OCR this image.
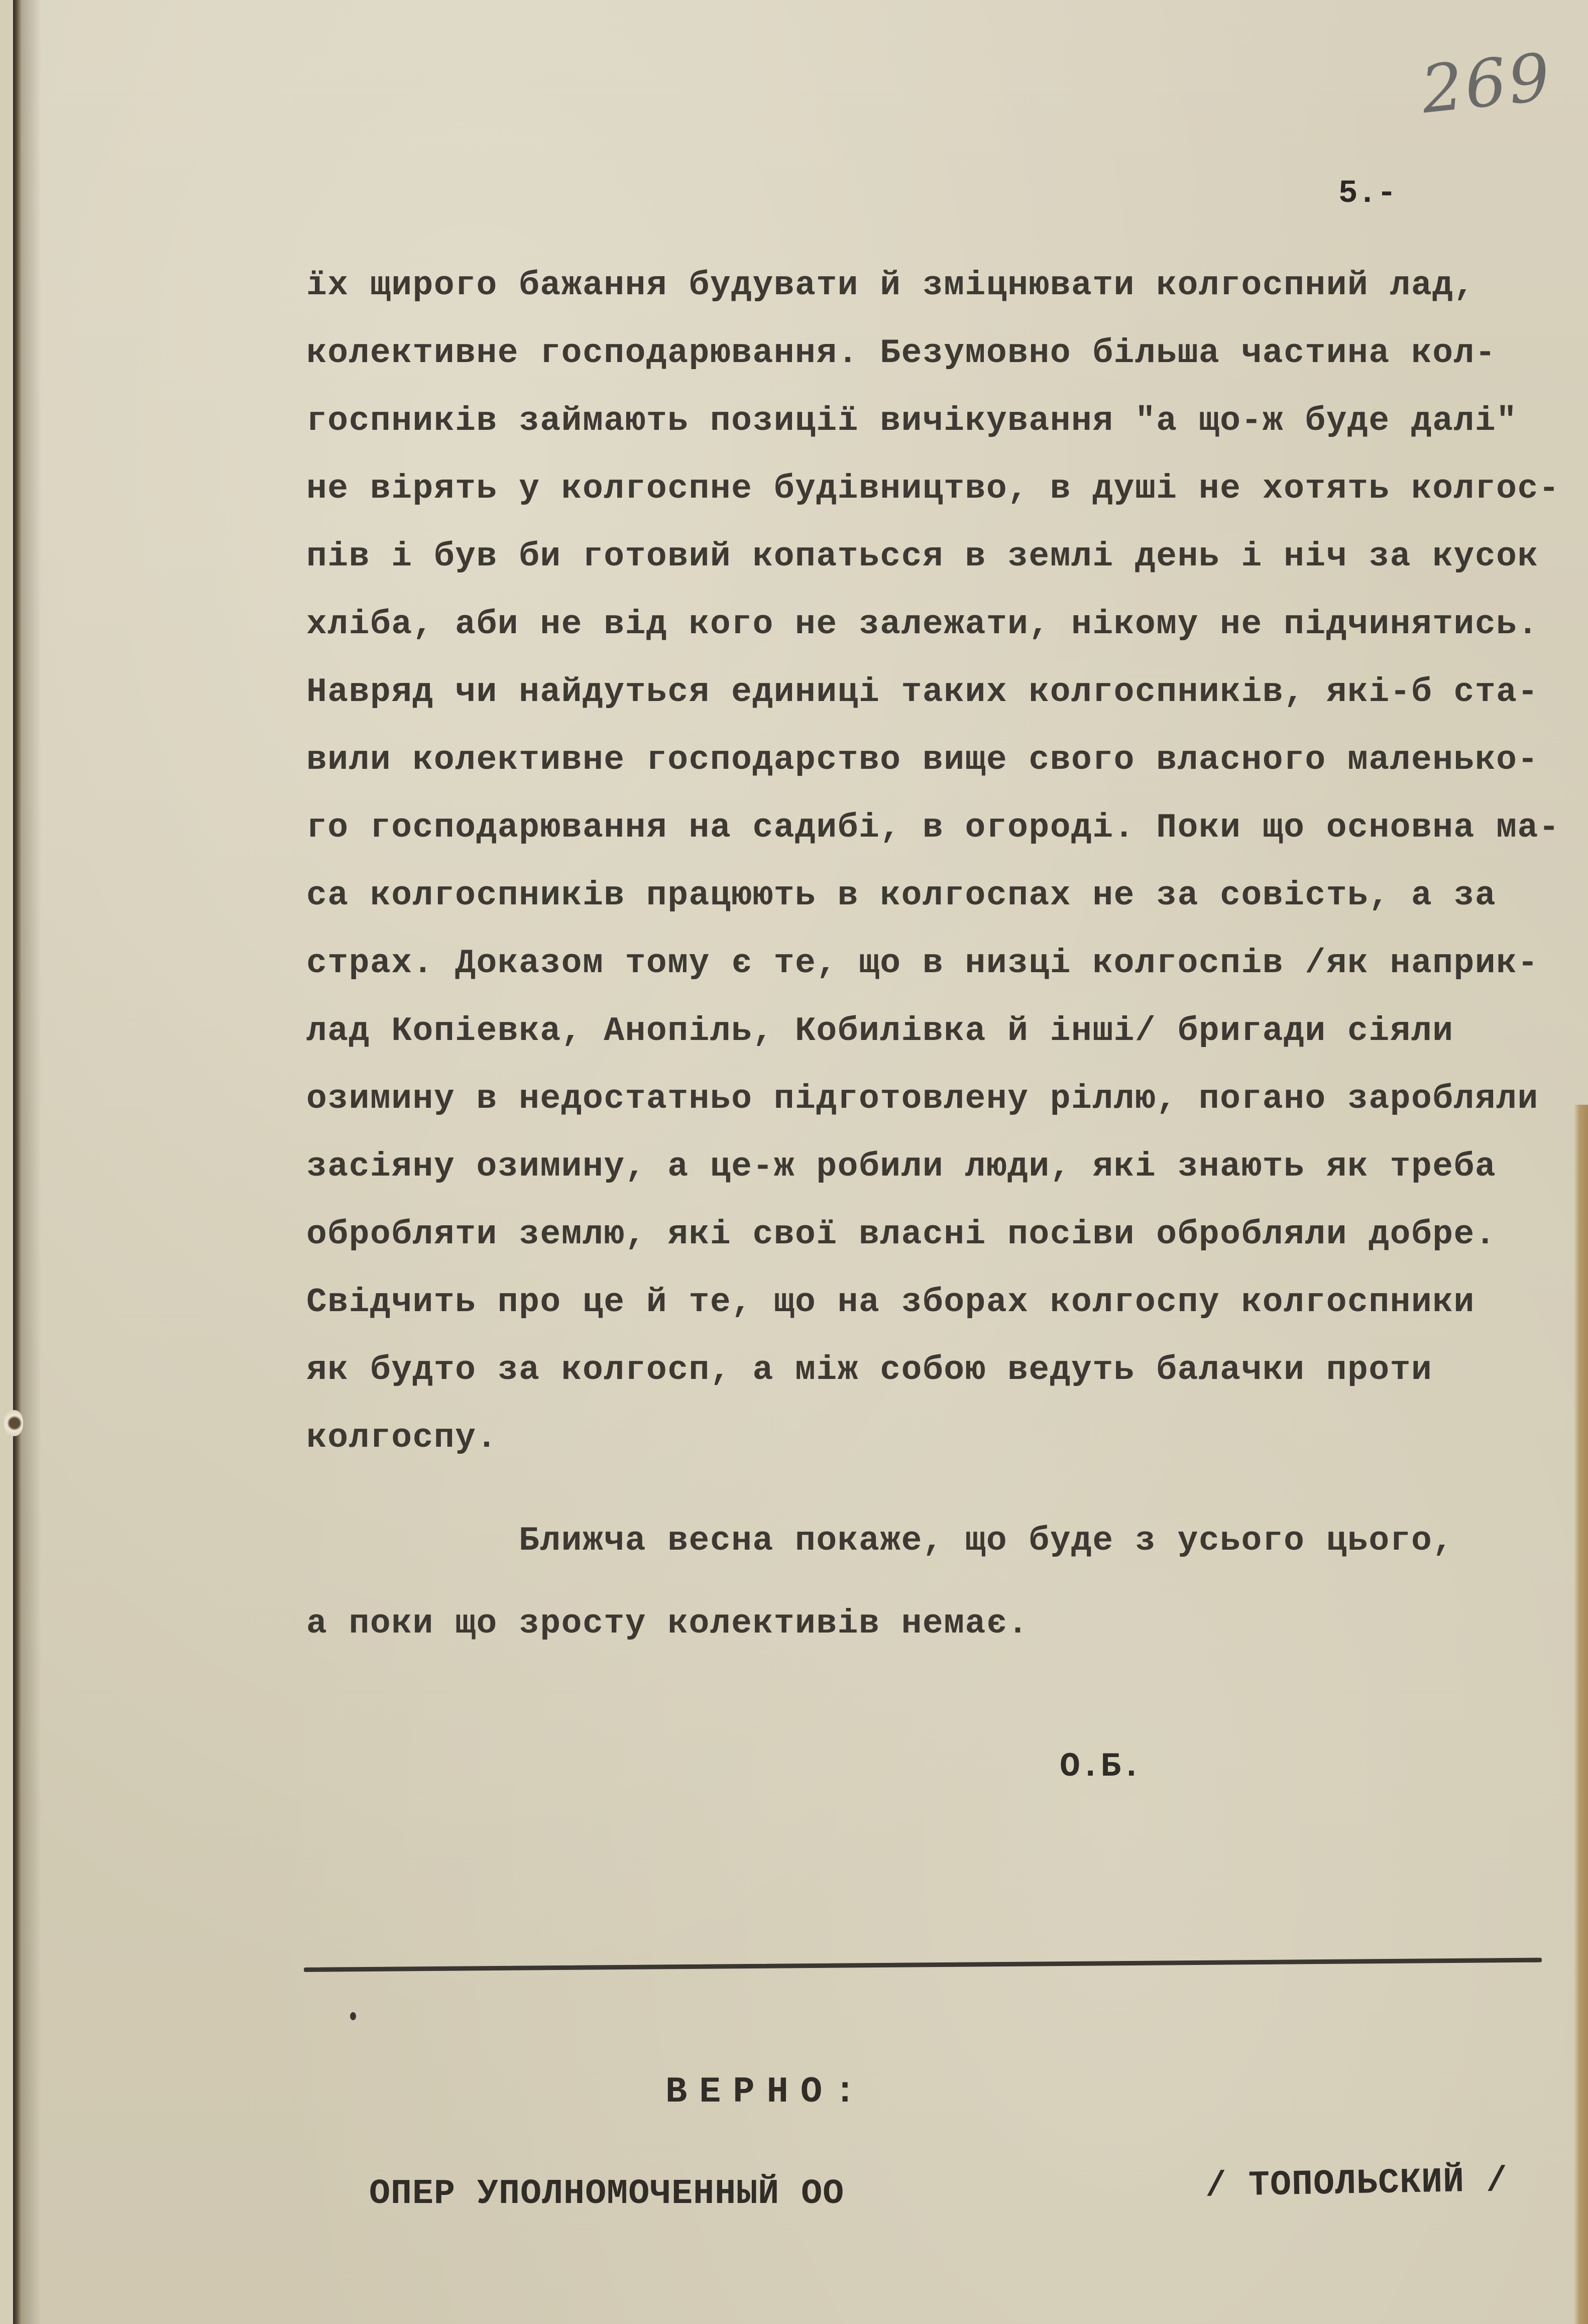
269
5.-
їх щирого бажання будувати й зміцнювати колгоспний лад,
колективне господарювання. Безумовно більша частина кол-
госпників займають позиції вичікування "а що-ж буде далі"
не вірять у колгоспне будівництво, в душі не хотять колгос-
пів і був би готовий копатьсся в землі день і ніч за кусок
хліба, аби не від кого не залежати, нікому не підчинятись.
Навряд чи найдуться единиці таких колгоспників, які-б ста-
вили колективне господарство вище свого власного маленько-
го господарювання на садибі, в огороді. Поки що основна ма-
са колгоспників працюють в колгоспах не за совість, а за
страх. Доказом тому є те, що в низці колгоспів /як наприк-
лад Копіевка, Анопіль, Кобилівка й інші/ бригади сіяли
озимину в недостатньо підготовлену ріллю, погано заробляли
засіяну озимину, а це-ж робили люди, які знають як треба
обробляти землю, які свої власні посіви обробляли добре.
Свідчить про це й те, що на зборах колгоспу колгоспники
як будто за колгосп, а між собою ведуть балачки проти
колгоспу.
Ближча весна покаже, що буде з усього цього,
а поки що зросту колективів немає.
О.Б.
ВЕРНО:
ОПЕР УПОЛНОМОЧЕННЫЙ ОО	/ ТОПОЛЬСКИЙ /
